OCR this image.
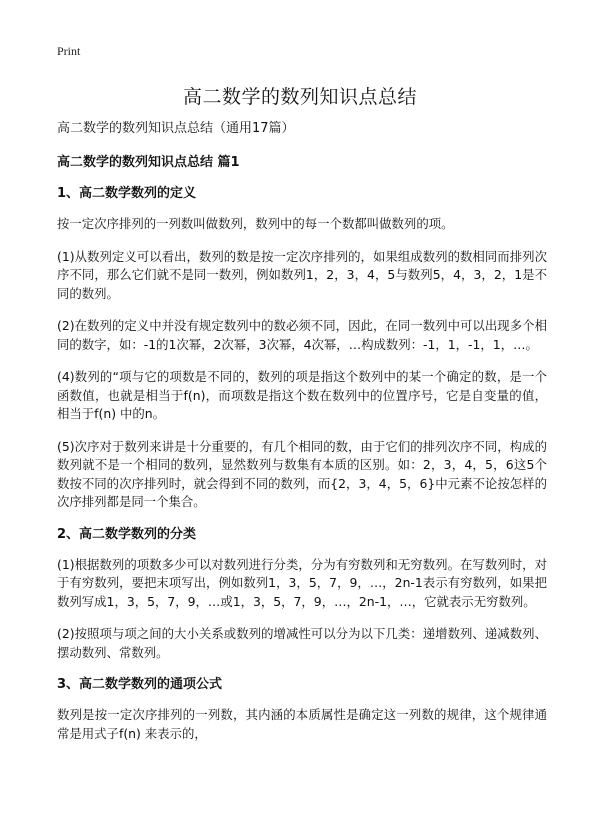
Print
高二数学的数列知识点总结

高二数学的数列知识点总结（通用17篇）

高二数学的数列知识点总结 篇1

1、高二数学数列的定义

按一定次序排列的一列数叫做数列，数列中的每一个数都叫做数列的项。

(1)从数列定义可以看出，数列的数是按一定次序排列的，如果组成数列的数相同而排列次序不同，那么它们就不是同一数列，例如数列1，2，3，4，5与数列5，4，3，2，1是不同的数列。

(2)在数列的定义中并没有规定数列中的数必须不同，因此，在同一数列中可以出现多个相同的数字，如：-1的1次幂，2次幂，3次幂，4次幂，…构成数列：-1，1，-1，1，…。

(4)数列的“项与它的项数是不同的，数列的项是指这个数列中的某一个确定的数，是一个函数值，也就是相当于f(n)，而项数是指这个数在数列中的位置序号，它是自变量的值，相当于f(n) 中的n。

(5)次序对于数列来讲是十分重要的，有几个相同的数，由于它们的排列次序不同，构成的数列就不是一个相同的数列，显然数列与数集有本质的区别。如：2，3，4，5，6这5个数按不同的次序排列时，就会得到不同的数列，而{2，3，4，5，6}中元素不论按怎样的次序排列都是同一个集合。

2、高二数学数列的分类

(1)根据数列的项数多少可以对数列进行分类，分为有穷数列和无穷数列。在写数列时，对于有穷数列，要把末项写出，例如数列1，3，5，7，9，…，2n-1表示有穷数列，如果把数列写成1，3，5，7，9，…或1，3，5，7，9，…，2n-1，…，它就表示无穷数列。

(2)按照项与项之间的大小关系或数列的增减性可以分为以下几类：递增数列、递减数列、摆动数列、常数列。

3、高二数学数列的通项公式

数列是按一定次序排列的一列数，其内涵的本质属性是确定这一列数的规律，这个规律通常是用式子f(n) 来表示的，
